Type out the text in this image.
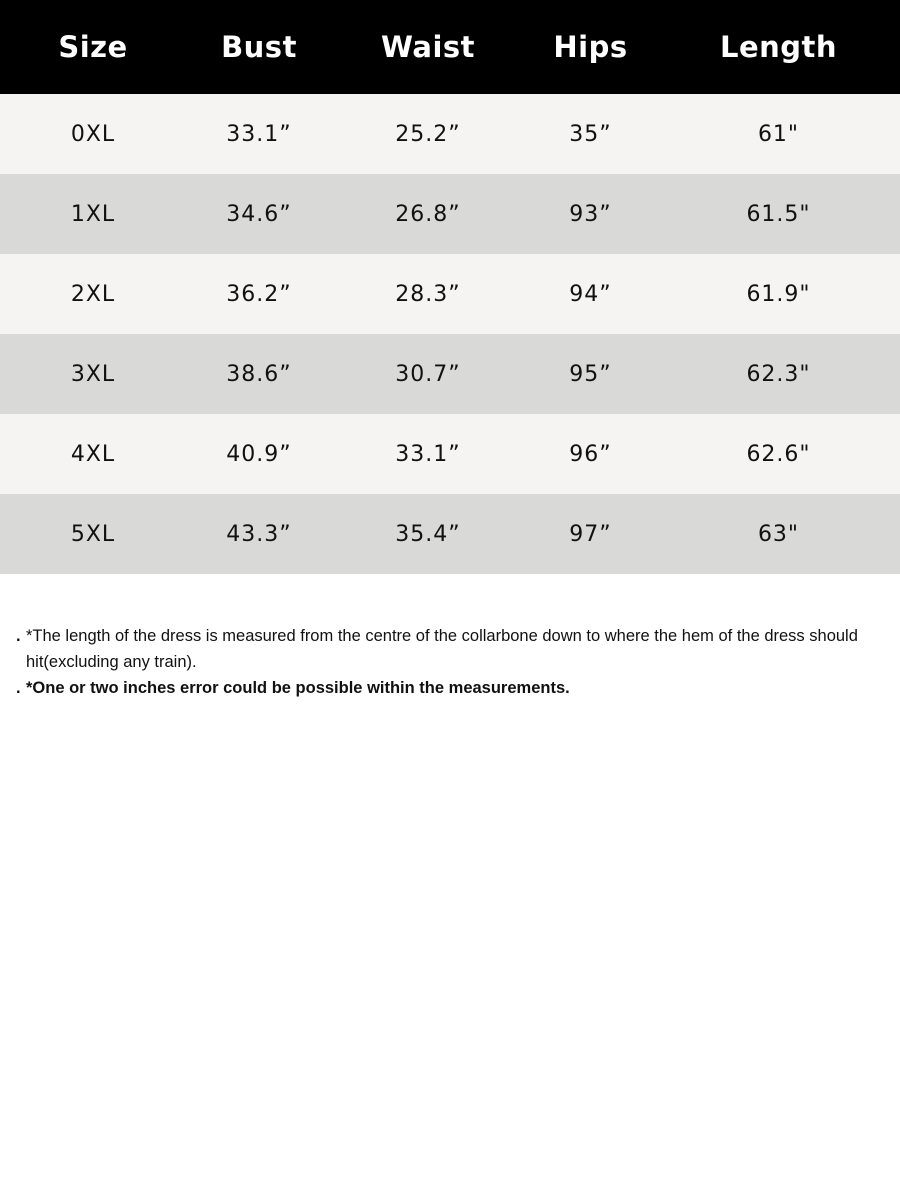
Size	Bust	Waist	Hips	Length
0XL	33.1”	25.2”	35”	61"
1XL	34.6”	26.8”	93”	61.5"
2XL	36.2”	28.3”	94”	61.9"
3XL	38.6”	30.7”	95”	62.3"
4XL	40.9”	33.1”	96”	62.6"
5XL	43.3”	35.4”	97”	63"
. *The length of the dress is measured from the centre of the collarbone down to where the hem of the dress should hit(excluding any train).
. *One or two inches error could be possible within the measurements.
